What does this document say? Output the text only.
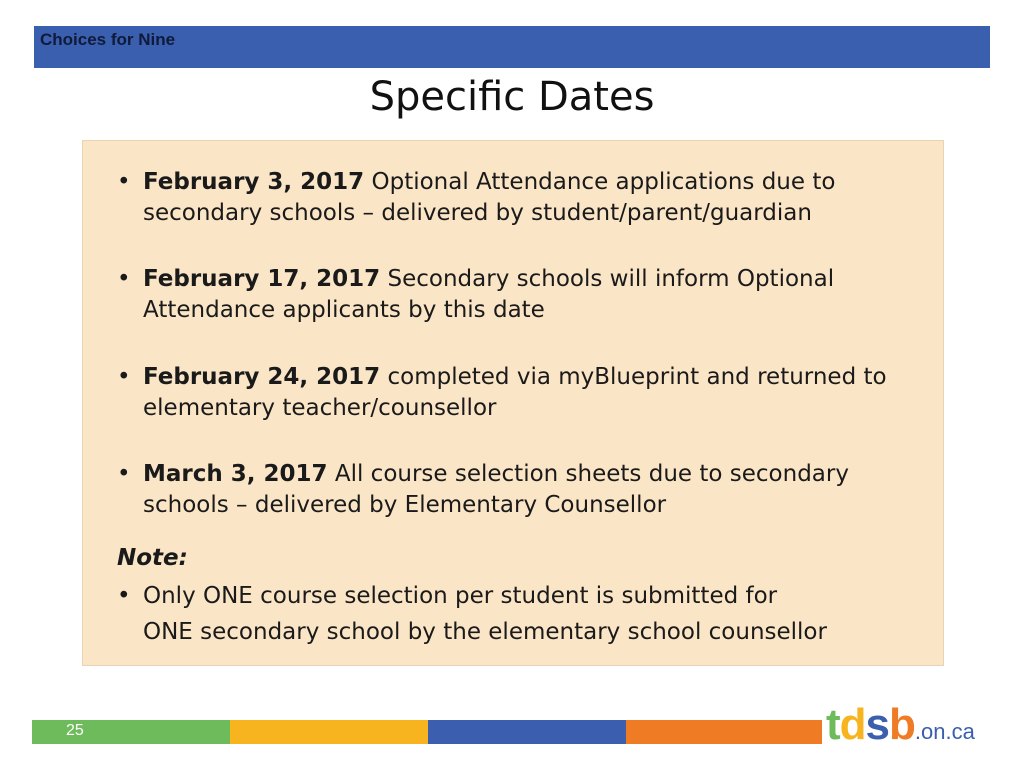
Choices for Nine
Specific Dates
• February 3, 2017 Optional Attendance applications due to
secondary schools – delivered by student/parent/guardian
• February 17, 2017 Secondary schools will inform Optional
Attendance applicants by this date
• February 24, 2017 completed via myBlueprint and returned to
elementary teacher/counsellor
• March 3, 2017 All course selection sheets due to secondary
schools – delivered by Elementary Counsellor
Note:
• Only ONE course selection per student is submitted for
ONE secondary school by the elementary school counsellor
25	tdsb.on.ca
